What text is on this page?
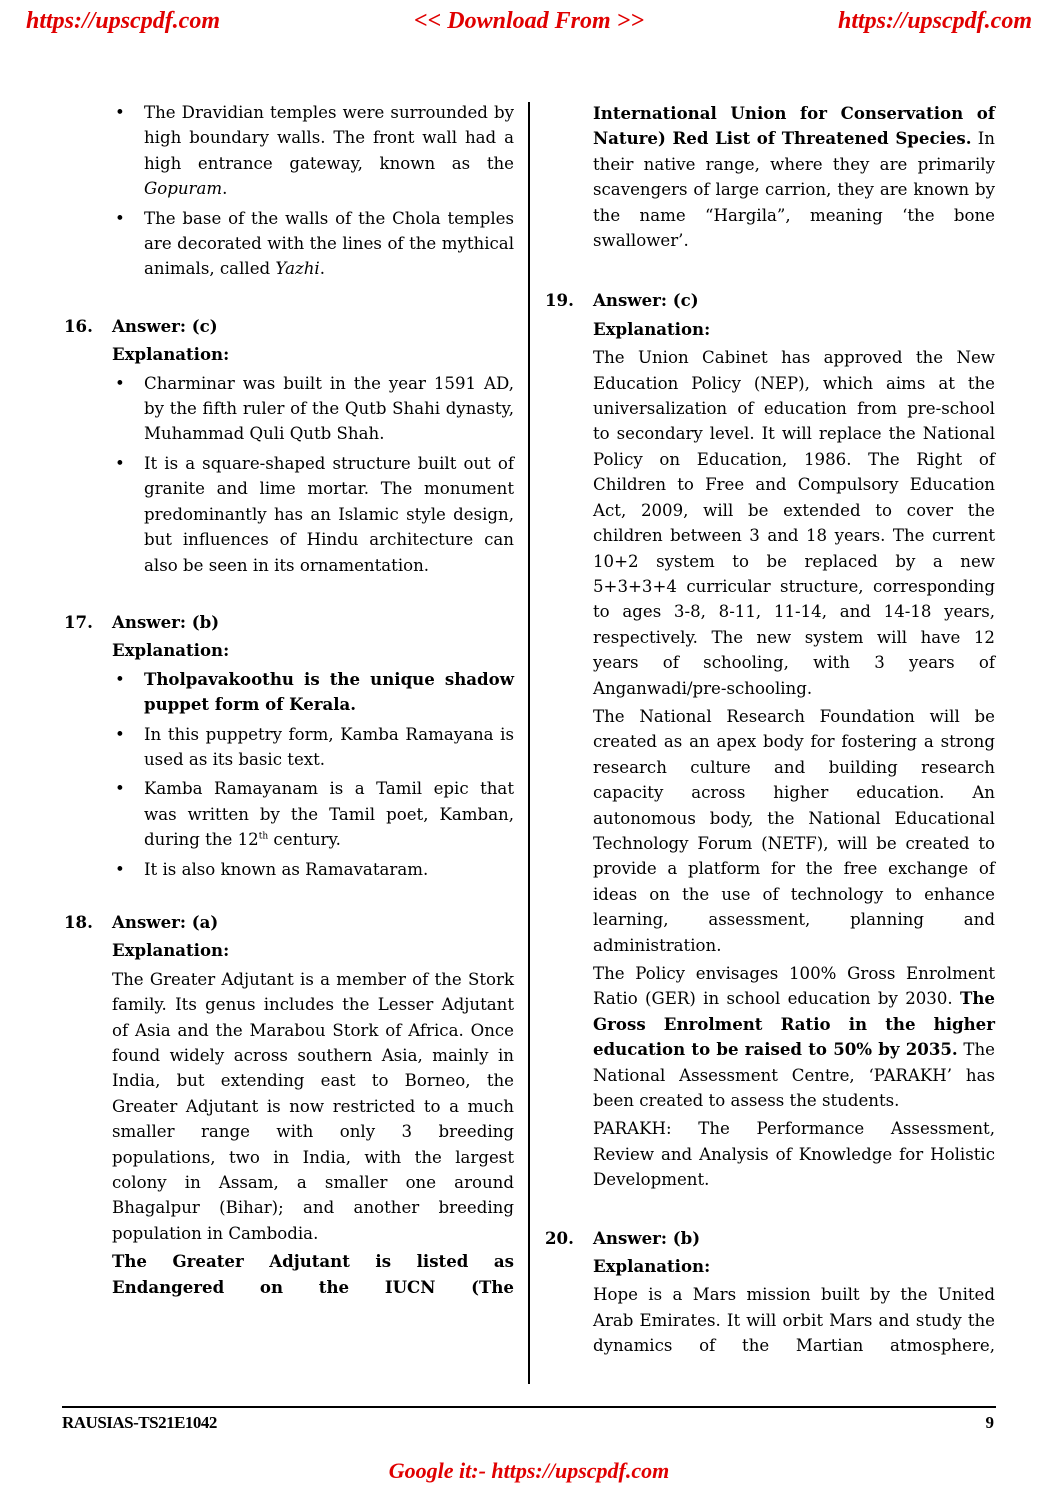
https://upscpdf.com	<< Download From >>	https://upscpdf.com
• The Dravidian temples were surrounded by high boundary walls. The front wall had a high entrance gateway, known as the Gopuram.
• The base of the walls of the Chola temples are decorated with the lines of the mythical animals, called Yazhi.
16. Answer: (c)
Explanation:
• Charminar was built in the year 1591 AD, by the fifth ruler of the Qutb Shahi dynasty, Muhammad Quli Qutb Shah.
• It is a square-shaped structure built out of granite and lime mortar. The monument predominantly has an Islamic style design, but influences of Hindu architecture can also be seen in its ornamentation.
17. Answer: (b)
Explanation:
• Tholpavakoothu is the unique shadow puppet form of Kerala.
• In this puppetry form, Kamba Ramayana is used as its basic text.
• Kamba Ramayanam is a Tamil epic that was written by the Tamil poet, Kamban, during the 12th century.
• It is also known as Ramavataram.
18. Answer: (a)
Explanation:

The Greater Adjutant is a member of the Stork family. Its genus includes the Lesser Adjutant of Asia and the Marabou Stork of Africa. Once found widely across southern Asia, mainly in India, but extending east to Borneo, the Greater Adjutant is now restricted to a much smaller range with only 3 breeding populations, two in India, with the largest colony in Assam, a smaller one around Bhagalpur (Bihar); and another breeding population in Cambodia.

The Greater Adjutant is listed as Endangered on the IUCN (The

International Union for Conservation of Nature) Red List of Threatened Species. In their native range, where they are primarily scavengers of large carrion, they are known by the name “Hargila”, meaning ‘the bone swallower’.

19. Answer: (c)
Explanation:

The Union Cabinet has approved the New Education Policy (NEP), which aims at the universalization of education from pre-school to secondary level. It will replace the National Policy on Education, 1986. The Right of Children to Free and Compulsory Education Act, 2009, will be extended to cover the children between 3 and 18 years. The current 10+2 system to be replaced by a new 5+3+3+4 curricular structure, corresponding to ages 3-8, 8-11, 11-14, and 14-18 years, respectively. The new system will have 12 years of schooling, with 3 years of Anganwadi/pre-schooling.

The National Research Foundation will be created as an apex body for fostering a strong research culture and building research capacity across higher education. An autonomous body, the National Educational Technology Forum (NETF), will be created to provide a platform for the free exchange of ideas on the use of technology to enhance learning, assessment, planning and administration.

The Policy envisages 100% Gross Enrolment Ratio (GER) in school education by 2030. The Gross Enrolment Ratio in the higher education to be raised to 50% by 2035. The National Assessment Centre, ‘PARAKH’ has been created to assess the students.

PARAKH: The Performance Assessment, Review and Analysis of Knowledge for Holistic Development.

20. Answer: (b)
Explanation:

Hope is a Mars mission built by the United Arab Emirates. It will orbit Mars and study the dynamics of the Martian atmosphere,

RAUSIAS-TS21E1042	9
Google it:- https://upscpdf.com
